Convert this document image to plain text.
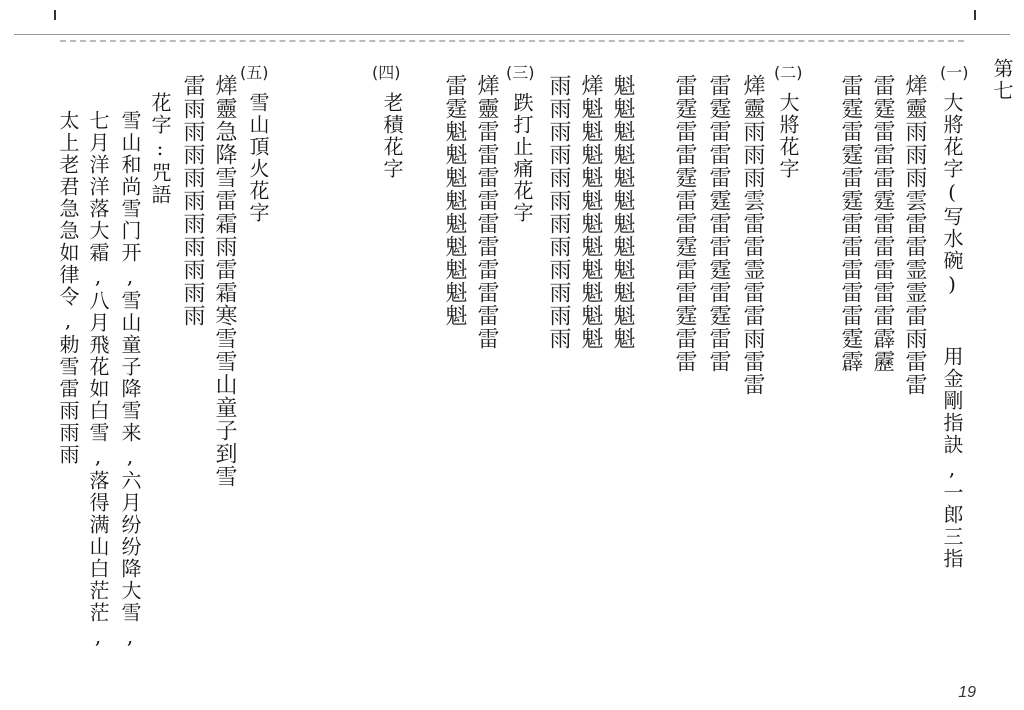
(一)
(二)
(三)
(四)
(五)	第七
大將花字(写水碗)
用金剛指訣,一郎三指
㷣靈雨雨雨雲雷雷霊霊雷雨雷雷
雷霆雷雷雷霆雷雷雷雷雷霹靂
雷霆雷霆雷霆雷雷雷雷雷霆霹
大將花字
㷣靈雨雨雨雲雷雷霊雷雷雨雷雷
雷霆雷雷雷霆雷雷霆雷霆雷雷
雷霆雷雷霆雷雷霆雷雷霆雷雷
魁魁魁魁魁魁魁魁魁魁魁魁
㷣魁魁魁魁魁魁魁魁魁魁魁
雨雨雨雨雨雨雨雨雨雨雨雨
跌打止痛花字
㷣靈雷雷雷雷雷雷雷雷雷雷
雷霆魁魁魁魁魁魁魁魁魁
老積花字
雪山頂火花字
㷣靈急降雪雷霜雨雷霜寒雪雪山童子到雪
雷雨雨雨雨雨雨雨雨雨雨
花字:咒語
雪山和尚雪门开,雪山童子降雪来,六月纷纷降大雪,
七月洋洋落大霜,八月飛花如白雪,落得满山白茫茫,
太上老君急急如律令,勅雪雷雨雨雨
19
